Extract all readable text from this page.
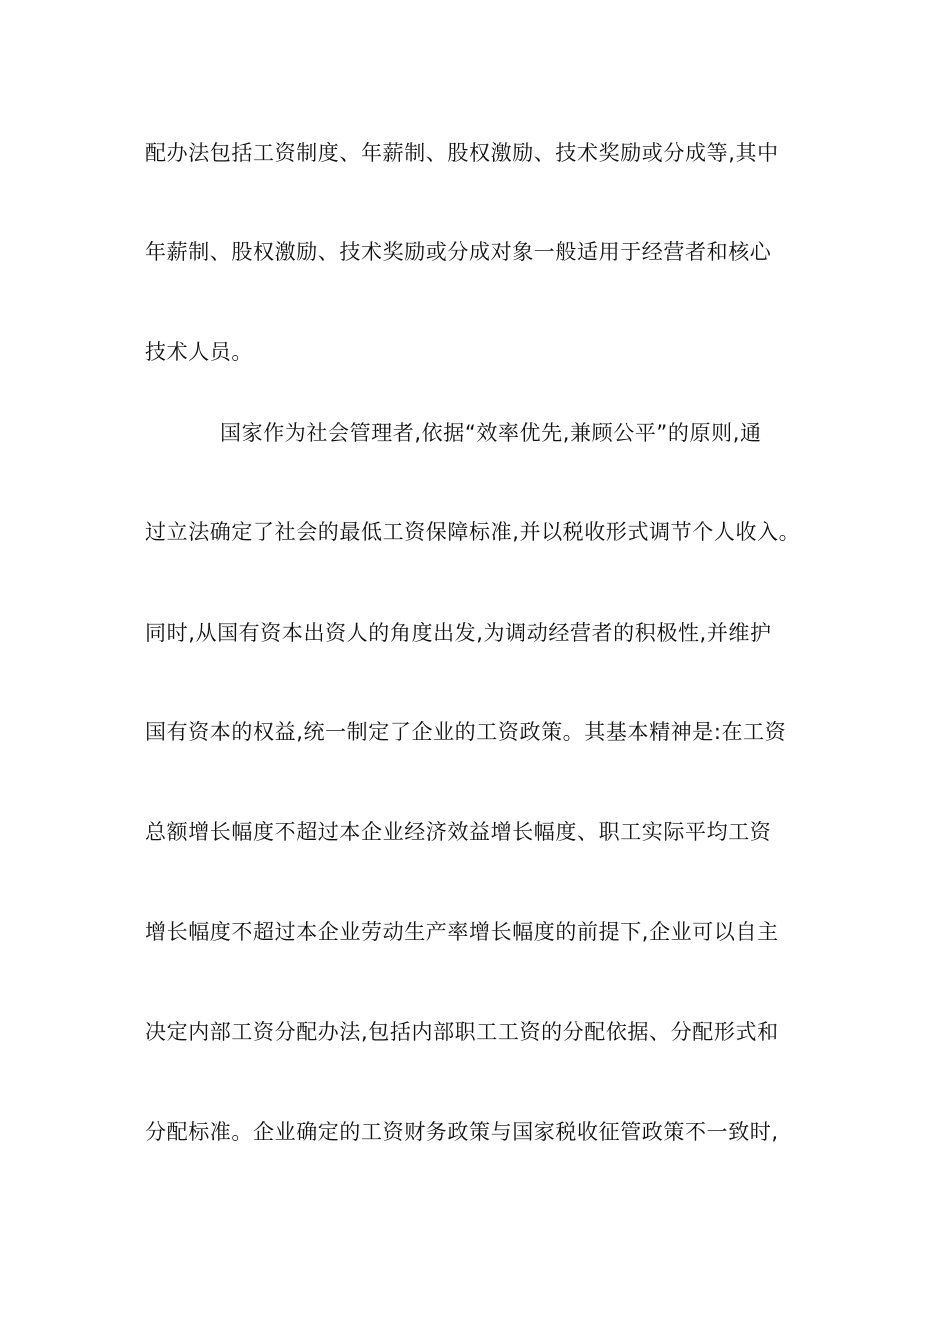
配办法包括工资制度、年薪制、股权激励、技术奖励或分成等,其中
年薪制、股权激励、技术奖励或分成对象一般适用于经营者和核心
技术人员。
国家作为社会管理者,依据“效率优先,兼顾公平”的原则,通
过立法确定了社会的最低工资保障标准,并以税收形式调节个人收入。
同时,从国有资本出资人的角度出发,为调动经营者的积极性,并维护
国有资本的权益,统一制定了企业的工资政策。其基本精神是:在工资
总额增长幅度不超过本企业经济效益增长幅度、职工实际平均工资
增长幅度不超过本企业劳动生产率增长幅度的前提下,企业可以自主
决定内部工资分配办法,包括内部职工工资的分配依据、分配形式和
分配标准。企业确定的工资财务政策与国家税收征管政策不一致时,
